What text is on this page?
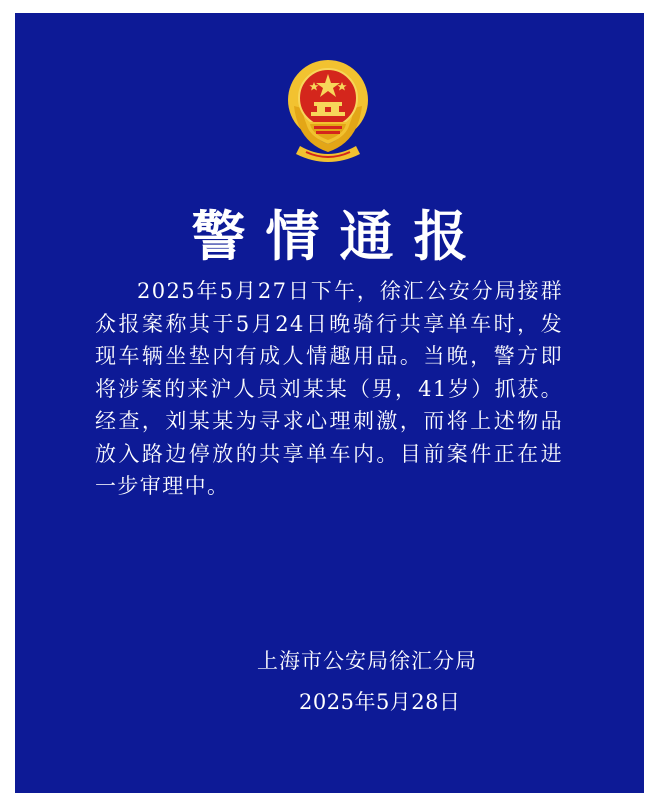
警情通报

2025年5月27日下午，徐汇公安分局接群众报案称其于5月24日晚骑行共享单车时，发现车辆坐垫内有成人情趣用品。当晚，警方即将涉案的来沪人员刘某某（男，41岁）抓获。经查，刘某某为寻求心理刺激，而将上述物品放入路边停放的共享单车内。目前案件正在进一步审理中。

上海市公安局徐汇分局
2025年5月28日
